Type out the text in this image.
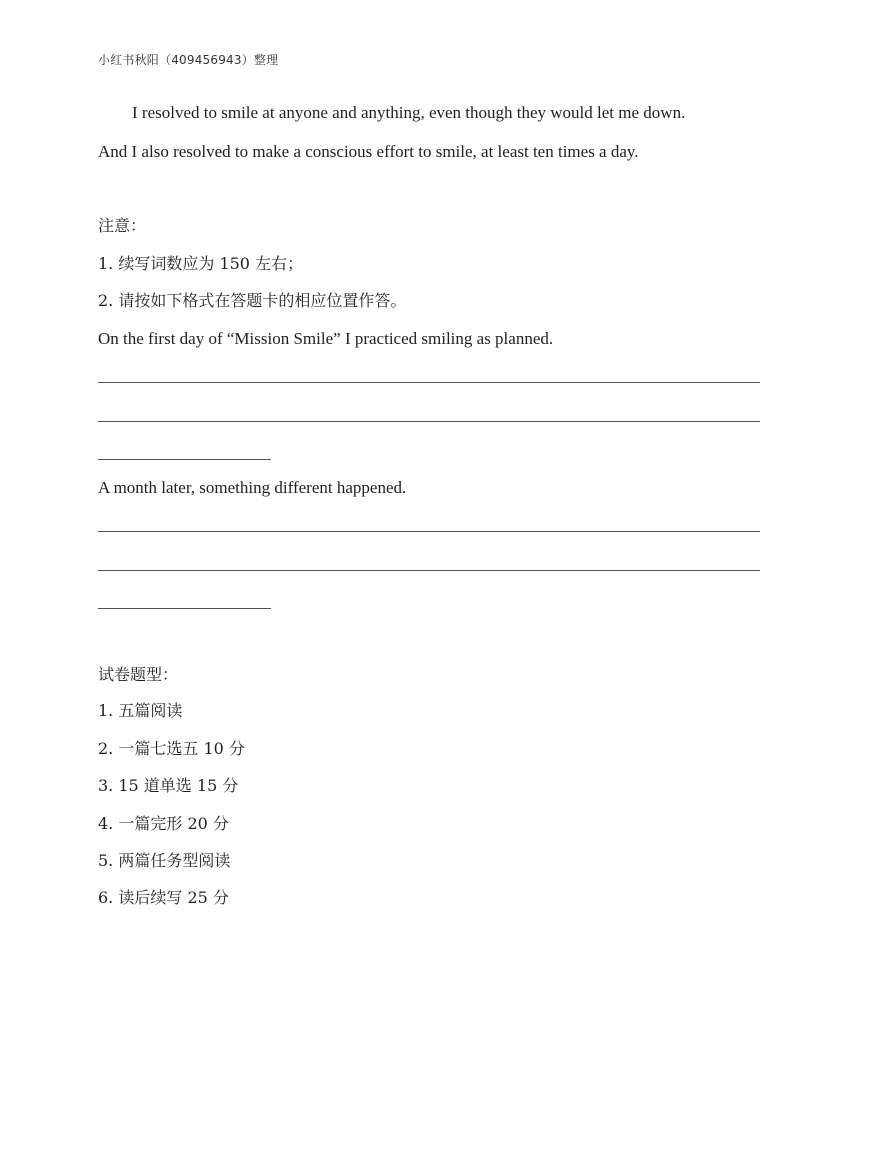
小红书秋阳（409456943）整理
I resolved to smile at anyone and anything, even though they would let me down.
And I also resolved to make a conscious effort to smile, at least ten times a day.
注意：
1. 续写词数应为 150 左右；
2. 请按如下格式在答题卡的相应位置作答。
On the first day of “Mission Smile” I practiced smiling as planned.
A month later, something different happened.
试卷题型：
1. 五篇阅读
2. 一篇七选五 10 分
3. 15 道单选 15 分
4. 一篇完形 20 分
5. 两篇任务型阅读
6. 读后续写 25 分
